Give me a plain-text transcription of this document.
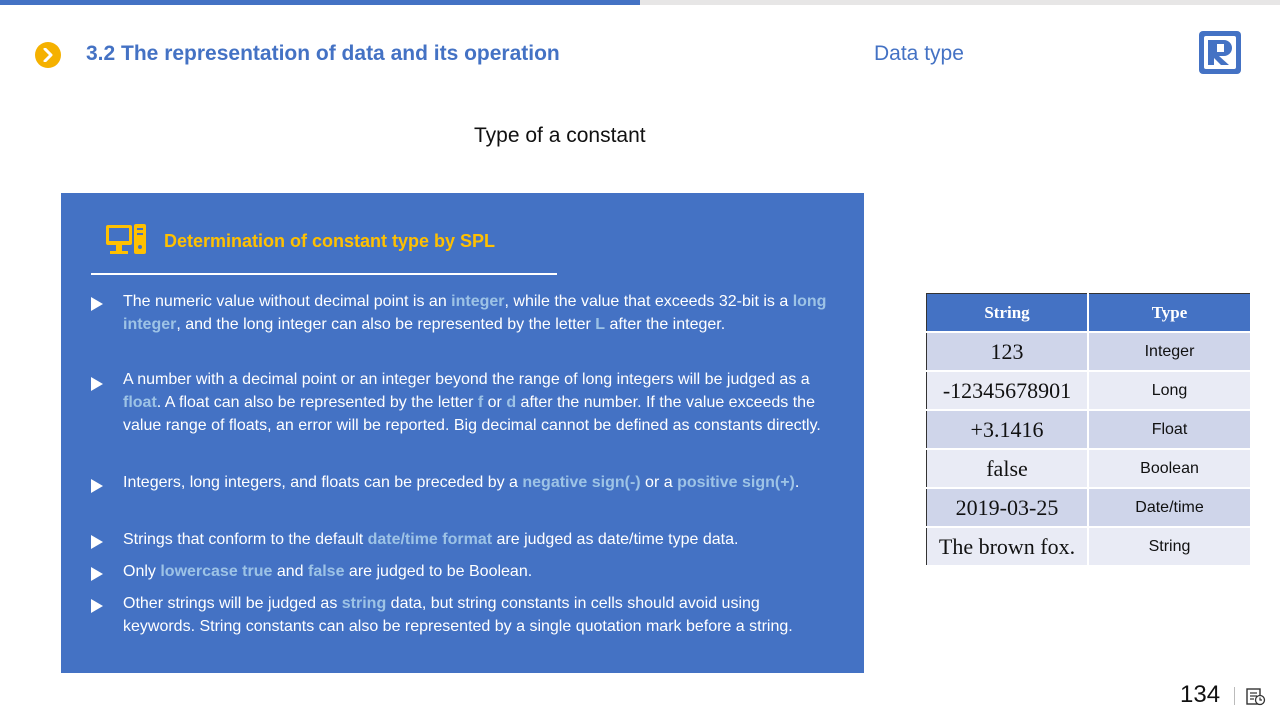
3.2 The representation of data and its operation	Data type
Type of a constant
Determination of constant type by SPL
The numeric value without decimal point is an integer, while the value that exceeds 32-bit is a long integer, and the long integer can also be represented by the letter L after the integer.
A number with a decimal point or an integer beyond the range of long integers will be judged as a float. A float can also be represented by the letter f or d after the number. If the value exceeds the value range of floats, an error will be reported. Big decimal cannot be defined as constants directly.
Integers, long integers, and floats can be preceded by a negative sign(-) or a positive sign(+).
Strings that conform to the default date/time format are judged as date/time type data.
Only lowercase true and false are judged to be Boolean.
Other strings will be judged as string data, but string constants in cells should avoid using keywords. String constants can also be represented by a single quotation mark before a string.
String	Type
123	Integer
-12345678901	Long
+3.1416	Float
false	Boolean
2019-03-25	Date/time
The brown fox.	String
134
